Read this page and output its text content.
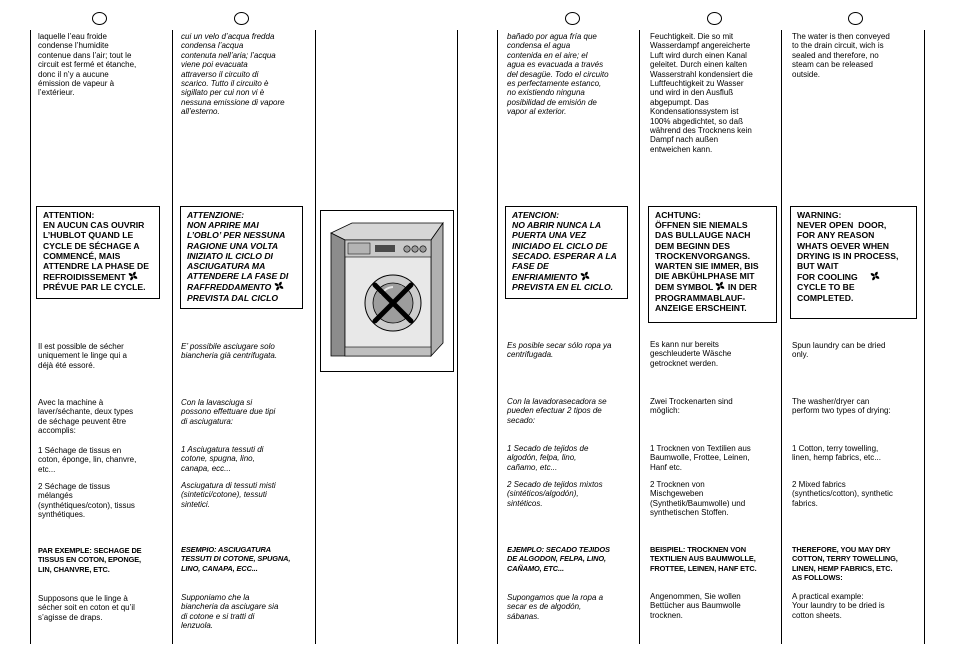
laquelle l’eau froide
condense l’humidite
contenue dans l’air; tout le
circuit est fermé et étanche,
donc il n’y a aucune
émission de vapeur à
l’extérieur.
ATTENTION:
EN AUCUN CAS OUVRIR
L’HUBLOT QUAND LE
CYCLE DE SÉCHAGE A
COMMENCÉ, MAIS
ATTENDRE LA PHASE DE
REFROIDISSEMENT

PRÉVUE PAR LE CYCLE.
Il est possible de sécher
uniquement le linge qui a
déjà été essoré.
Avec la machine à
laver/séchante, deux types
de séchage peuvent être
accomplis:
1 Séchage de tissus en
coton, éponge, lin, chanvre,
etc...
2 Séchage de tissus
mélangés
(synthétiques/coton), tissus
synthétiques.
PAR EXEMPLE: SECHAGE DE
TISSUS EN COTON, EPONGE,
LIN, CHANVRE, ETC.
Supposons que le linge à
sécher soit en coton et qu’il
s’agisse de draps.
cui un velo d’acqua fredda
condensa l’acqua
contenuta nell’aria; l’acqua
viene poi evacuata
attraverso il circuito di
scarico. Tutto il circuito è
sigillato per cui non vi è
nessuna emissione di vapore
all’esterno.
ATTENZIONE:
NON APRIRE MAI
L’OBLO’ PER NESSUNA
RAGIONE UNA VOLTA
INIZIATO IL CICLO DI
ASCIUGATURA MA
ATTENDERE LA FASE DI
RAFFREDDAMENTO

PREVISTA DAL CICLO
E’ possibile asciugare solo
biancheria già centrifugata.
Con la lavasciuga si
possono effettuare due tipi
di asciugatura:
1 Asciugatura tessuti di
cotone, spugna, lino,
canapa, ecc...
Asciugatura di tessuti misti
(sintetici/cotone), tessuti
sintetici.
ESEMPIO: ASCIUGATURA
TESSUTI DI COTONE, SPUGNA,
LINO, CANAPA, ECC...
Supponiamo che la
biancheria da asciugare sia
di cotone e si tratti di
lenzuola.
bañado por agua fría que
condensa el agua
contenida en el aire; el
agua es evacuada a través
del desagüe. Todo el circuito
es perfectamente estanco,
no existiendo ninguna
posibilidad de emisión de
vapor al exterior.
ATENCION:
NO ABRIR NUNCA LA
PUERTA UNA VEZ
INICIADO EL CICLO DE
SECADO. ESPERAR A LA
FASE DE
ENFRIAMIENTO

PREVISTA EN EL CICLO.
Es posible secar sólo ropa ya
centrifugada.
Con la lavadorasecadora se
pueden efectuar 2 tipos de
secado:
1 Secado de tejidos de
algodón, felpa, lino,
cañamo, etc...
2 Secado de tejidos mixtos
(sintéticos/algodón),
sintéticos.
EJEMPLO: SECADO TEJIDOS
DE ALGODON, FELPA, LINO,
CAÑAMO, ETC...
Supongamos que la ropa a
secar es de algodón,
sábanas.
Feuchtigkeit. Die so mit
Wasserdampf angereicherte
Luft wird durch einen Kanal
geleitet. Durch einen kalten
Wasserstrahl kondensiert die
Luftfeuchtigkeit zu Wasser
und wird in den Ausfluß
abgepumpt. Das
Kondensationssystem ist
100% abgedichtet, so daß
während des Trocknens kein
Dampf nach außen
entweichen kann.
ACHTUNG:
ÖFFNEN SIE NIEMALS
DAS BULLAUGE NACH
DEM BEGINN DES
TROCKENVORGANGS.
WARTEN SIE IMMER, BIS
DIE ABKÜHLPHASE MIT
DEM SYMBOL
IN DER
PROGRAMMABLAUF-
ANZEIGE ERSCHEINT.
Es kann nur bereits
geschleuderte Wäsche
getrocknet werden.
Zwei Trockenarten sind
möglich:
1 Trocknen von Textilien aus
Baumwolle, Frottee, Leinen,
Hanf etc.
2 Trocknen von
Mischgeweben
(Synthetik/Baumwolle) und
synthetischen Stoffen.
BEISPIEL: TROCKNEN VON
TEXTILIEN AUS BAUMWOLLE,
FROTTEE, LEINEN, HANF ETC.
Angenommen, Sie wollen
Bettücher aus Baumwolle
trocknen.
The water is then conveyed
to the drain circuit, wich is
sealed and therefore, no
steam can be released
outside.
WARNING:
NEVER OPEN  DOOR,
FOR ANY REASON
WHATS OEVER WHEN
DRYING IS IN PROCESS,
BUT WAIT
FOR COOLING

CYCLE TO BE
COMPLETED.
Spun laundry can be dried
only.
The washer/dryer can
perform two types of drying:
1 Cotton, terry towelling,
linen, hemp fabrics, etc...
2 Mixed fabrics
(synthetics/cotton), synthetic
fabrics.
THEREFORE, YOU MAY DRY
COTTON, TERRY TOWELLING,
LINEN, HEMP FABRICS, ETC.
AS FOLLOWS:
A practical example:
Your laundry to be dried is
cotton sheets.
